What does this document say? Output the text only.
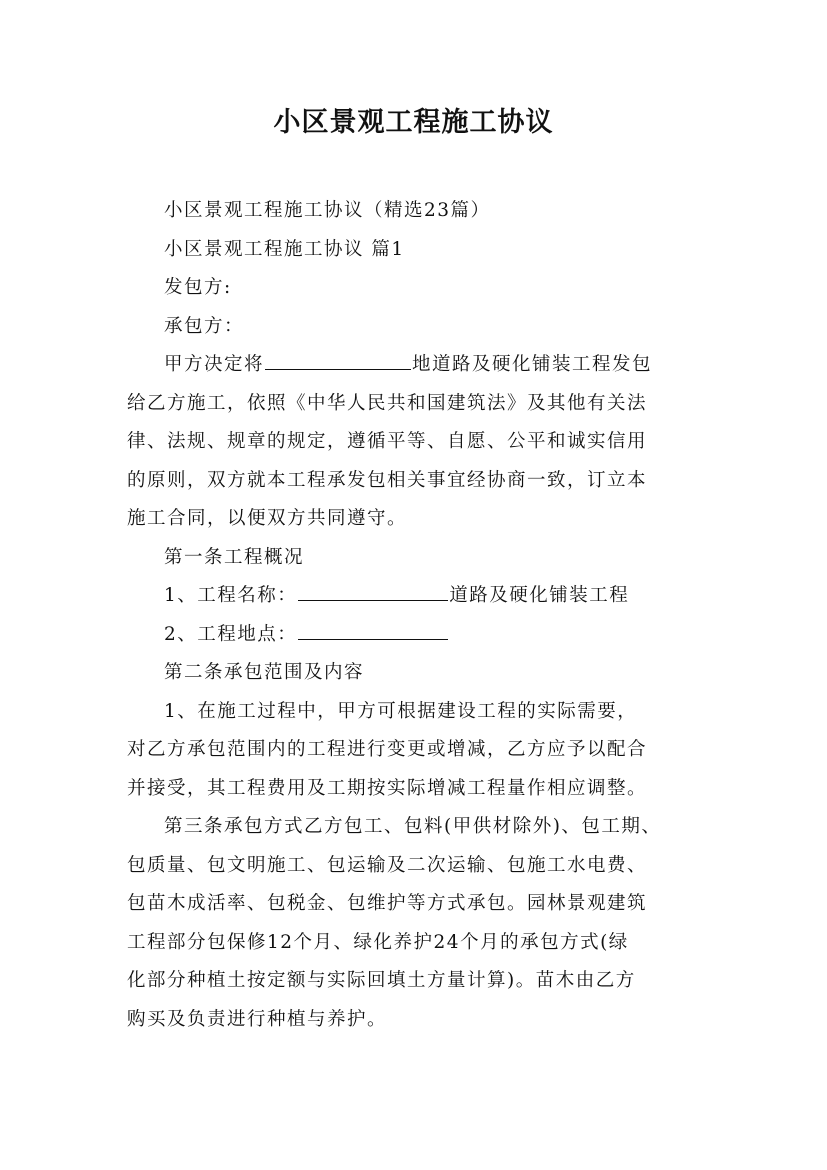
小区景观工程施工协议

小区景观工程施工协议（精选23篇）

小区景观工程施工协议 篇1

发包方:

承包方：

甲方决定将	地道路及硬化铺装工程发包

给乙方施工，依照《中华人民共和国建筑法》及其他有关法

律、法规、规章的规定，遵循平等、自愿、公平和诚实信用

的原则，双方就本工程承发包相关事宜经协商一致，订立本

施工合同，以便双方共同遵守。

第一条工程概况

1、工程名称：	道路及硬化铺装工程

2、工程地点：

第二条承包范围及内容

1、在施工过程中，甲方可根据建设工程的实际需要，

对乙方承包范围内的工程进行变更或增减，乙方应予以配合

并接受，其工程费用及工期按实际增减工程量作相应调整。

第三条承包方式乙方包工、包料(甲供材除外)、包工期、

包质量、包文明施工、包运输及二次运输、包施工水电费、

包苗木成活率、包税金、包维护等方式承包。园林景观建筑

工程部分包保修12个月、绿化养护24个月的承包方式(绿

化部分种植土按定额与实际回填土方量计算)。苗木由乙方

购买及负责进行种植与养护。
